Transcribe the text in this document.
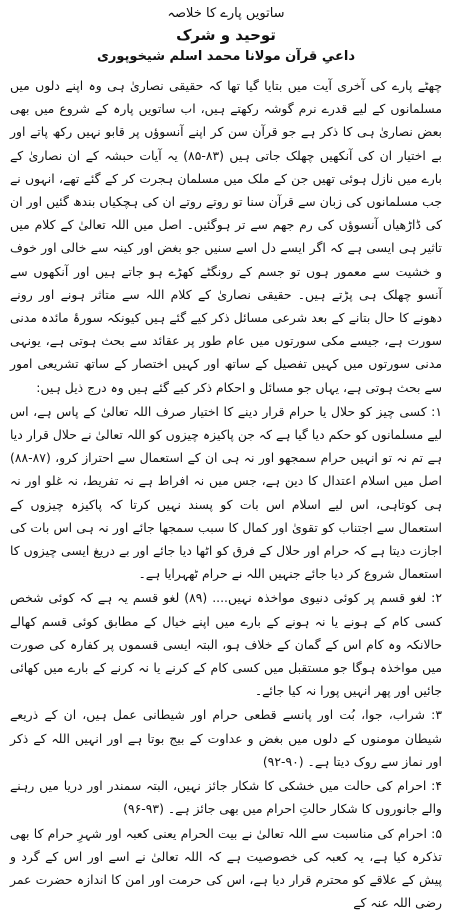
ساتویں پارے کا خلاصہ

توحید و شرک

داعیِ قرآن مولانا محمد اسلم شیخوپوری

چھٹے پارے کی آخری آیت میں بتایا گیا تھا کہ حقیقی نصاریٰ ہی وہ اپنے دلوں میں مسلمانوں کے لیے قدرے نرم گوشہ رکھتے ہیں، اب ساتویں پارہ کے شروع میں بھی بعض نصاریٰ ہی کا ذکر ہے جو قرآن سن کر اپنے آنسوؤں پر قابو نہیں رکھ پاتے اور بے اختیار ان کی آنکھیں چھلک جاتی ہیں (۸۳-۸۵) یہ آیات حبشہ کے ان نصاریٰ کے بارے میں نازل ہوئی تھیں جن کے ملک میں مسلمان ہجرت کر کے گئے تھے، انہوں نے جب مسلمانوں کی زبان سے قرآن سنا تو روتے روتے ان کی ہچکیاں بندھ گئیں اور ان کی ڈاڑھیاں آنسوؤں کی رم جھم سے تر ہوگئیں۔ اصل میں اللہ تعالیٰ کے کلام میں تاثیر ہی ایسی ہے کہ اگر ایسے دل اسے سنیں جو بغض اور کینہ سے خالی اور خوف و خشیت سے معمور ہوں تو جسم کے رونگٹے کھڑے ہو جاتے ہیں اور آنکھوں سے آنسو چھلک ہی پڑتے ہیں۔ حقیقی نصاریٰ کے کلام اللہ سے متاثر ہونے اور رونے دھونے کا حال بتانے کے بعد شرعی مسائل ذکر کیے گئے ہیں کیونکہ سورۂ مائدہ مدنی سورت ہے، جیسے مکی سورتوں میں عام طور پر عقائد سے بحث ہوتی ہے، یونہی مدنی سورتوں میں کہیں تفصیل کے ساتھ اور کہیں اختصار کے ساتھ تشریعی امور سے بحث ہوتی ہے، یہاں جو مسائل و احکام ذکر کیے گئے ہیں وہ درج ذیل ہیں:

۱: کسی چیز کو حلال یا حرام قرار دینے کا اختیار صرف اللہ تعالیٰ کے پاس ہے، اس لیے مسلمانوں کو حکم دیا گیا ہے کہ جن پاکیزہ چیزوں کو اللہ تعالیٰ نے حلال قرار دیا ہے تم نہ تو انہیں حرام سمجھو اور نہ ہی ان کے استعمال سے احتراز کرو، (۸۷-۸۸) اصل میں اسلام اعتدال کا دین ہے، جس میں نہ افراط ہے نہ تفریط، نہ غلو اور نہ ہی کوتاہی، اس لیے اسلام اس بات کو پسند نہیں کرتا کہ پاکیزہ چیزوں کے استعمال سے اجتناب کو تقویٰ اور کمال کا سبب سمجھا جائے اور نہ ہی اس بات کی اجازت دیتا ہے کہ حرام اور حلال کے فرق کو اٹھا دیا جائے اور بے دریغ ایسی چیزوں کا استعمال شروع کر دیا جائے جنہیں اللہ نے حرام ٹھہرایا ہے۔

۲: لغو قسم پر کوئی دنیوی مواخذہ نہیں.... (۸۹) لغو قسم یہ ہے کہ کوئی شخص کسی کام کے ہونے یا نہ ہونے کے بارے میں اپنے خیال کے مطابق کوئی قسم کھالے حالانکہ وہ کام اس کے گمان کے خلاف ہو، البتہ ایسی قسموں پر کفارہ کی صورت میں مواخذہ ہوگا جو مستقبل میں کسی کام کے کرنے یا نہ کرنے کے بارے میں کھائی جائیں اور پھر انہیں پورا نہ کیا جائے۔

۳: شراب، جوا، بُت اور پانسے قطعی حرام اور شیطانی عمل ہیں، ان کے ذریعے شیطان مومنوں کے دلوں میں بغض و عداوت کے بیج بوتا ہے اور انہیں اللہ کے ذکر اور نماز سے روک دیتا ہے۔ (۹۰-۹۲)

۴: احرام کی حالت میں خشکی کا شکار جائز نہیں، البتہ سمندر اور دریا میں رہنے والے جانوروں کا شکار حالتِ احرام میں بھی جائز ہے۔ (۹۳-۹۶)

۵: احرام کی مناسبت سے اللہ تعالیٰ نے بیت الحرام یعنی کعبہ اور شہرِ حرام کا بھی تذکرہ کیا ہے، یہ کعبہ کی خصوصیت ہے کہ اللہ تعالیٰ نے اسے اور اس کے گرد و پیش کے علاقے کو محترم قرار دیا ہے، اس کی حرمت اور امن کا اندازہ حضرت عمر رضی اللہ عنہ کے
